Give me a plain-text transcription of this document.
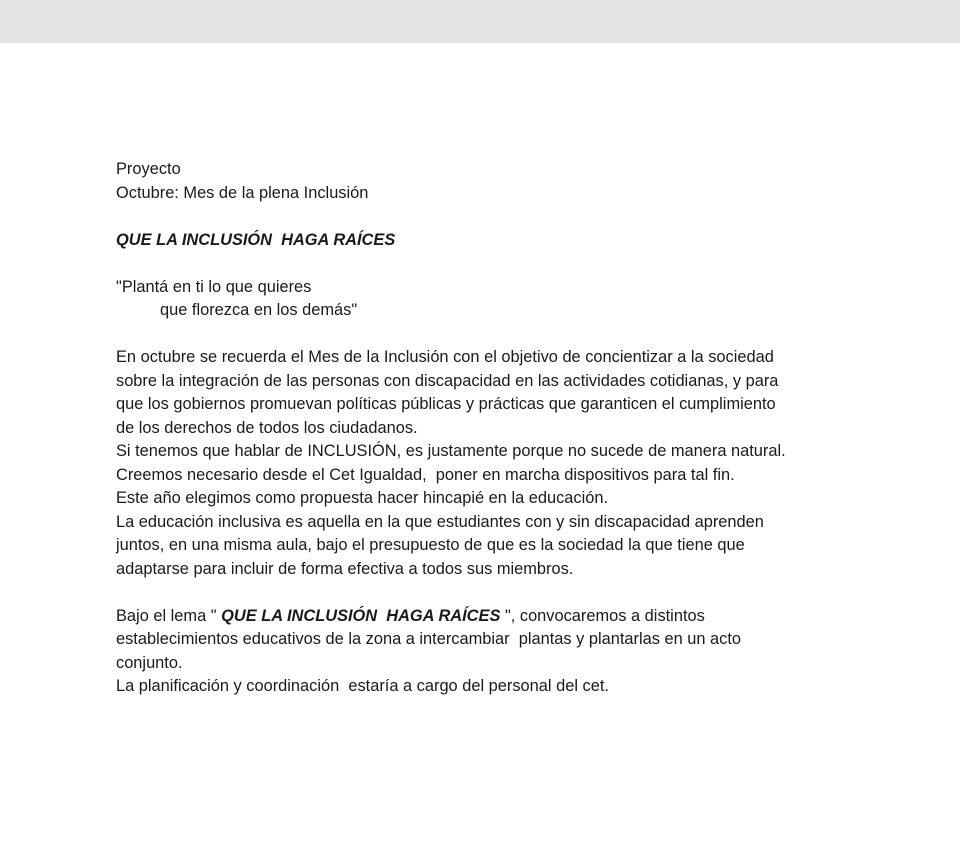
Proyecto
Octubre: Mes de la plena Inclusión
QUE LA INCLUSIÓN  HAGA RAÍCES
"Plantá en ti lo que quieres
que florezca en los demás"
En octubre se recuerda el Mes de la Inclusión con el objetivo de concientizar a la sociedad
sobre la integración de las personas con discapacidad en las actividades cotidianas, y para
que los gobiernos promuevan políticas públicas y prácticas que garanticen el cumplimiento
de los derechos de todos los ciudadanos.
Si tenemos que hablar de INCLUSIÓN, es justamente porque no sucede de manera natural.
Creemos necesario desde el Cet Igualdad,  poner en marcha dispositivos para tal fin.
Este año elegimos como propuesta hacer hincapié en la educación.
La educación inclusiva es aquella en la que estudiantes con y sin discapacidad aprenden
juntos, en una misma aula, bajo el presupuesto de que es la sociedad la que tiene que
adaptarse para incluir de forma efectiva a todos sus miembros.
Bajo el lema " QUE LA INCLUSIÓN  HAGA RAÍCES ", convocaremos a distintos
establecimientos educativos de la zona a intercambiar  plantas y plantarlas en un acto
conjunto.
La planificación y coordinación  estaría a cargo del personal del cet.
